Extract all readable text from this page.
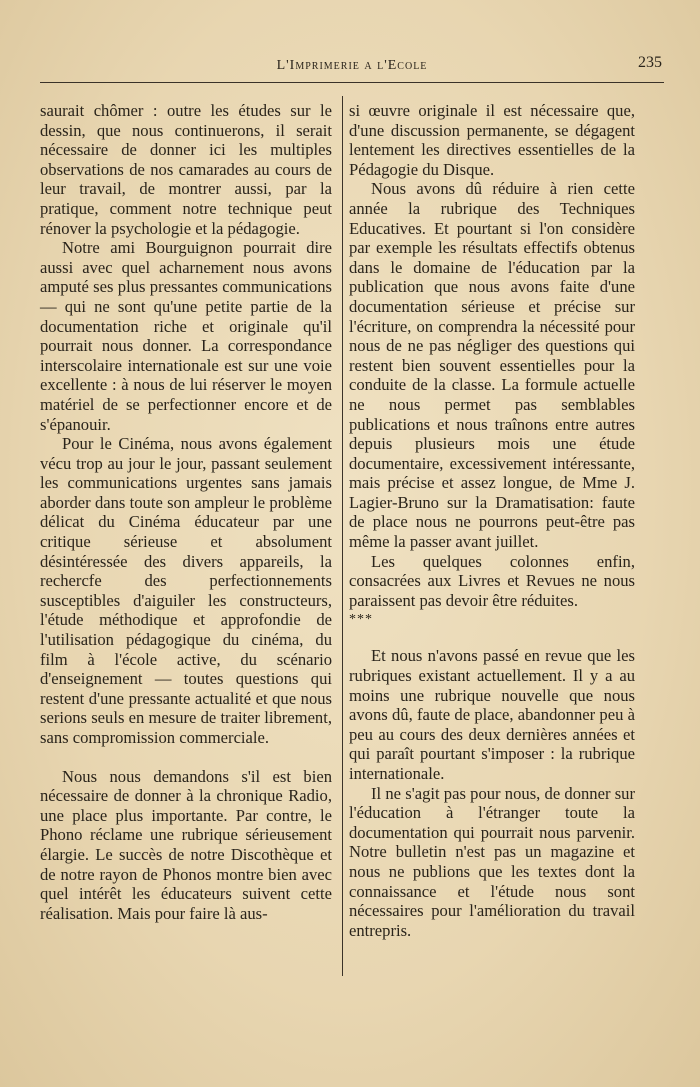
L'Imprimerie a l'Ecole	235

saurait chômer : outre les études sur le dessin, que nous continuerons, il serait nécessaire de donner ici les multiples observations de nos camarades au cours de leur travail, de montrer aussi, par la pratique, comment notre technique peut rénover la psychologie et la pédagogie.

Notre ami Bourguignon pourrait dire aussi avec quel acharnement nous avons amputé ses plus pressantes communications — qui ne sont qu'une petite partie de la documentation riche et originale qu'il pourrait nous donner. La correspondance interscolaire internationale est sur une voie excellente : à nous de lui réserver le moyen matériel de se perfectionner encore et de s'épanouir.

Pour le Cinéma, nous avons également vécu trop au jour le jour, passant seulement les communications urgentes sans jamais aborder dans toute son ampleur le problème délicat du Cinéma éducateur par une critique sérieuse et absolument désintéressée des divers appareils, la rechercfe des perfectionnements susceptibles d'aiguiler les constructeurs, l'étude méthodique et approfondie de l'utilisation pédagogique du cinéma, du film à l'école active, du scénario d'enseignement — toutes questions qui restent d'une pressante actualité et que nous serions seuls en mesure de traiter librement, sans compromission commerciale.

Nous nous demandons s'il est bien nécessaire de donner à la chronique Radio, une place plus importante. Par contre, le Phono réclame une rubrique sérieusement élargie. Le succès de notre Discothèque et de notre rayon de Phonos montre bien avec quel intérêt les éducateurs suivent cette réalisation. Mais pour faire là aus-

si œuvre originale il est nécessaire que, d'une discussion permanente, se dégagent lentement les directives essentielles de la Pédagogie du Disque.

Nous avons dû réduire à rien cette année la rubrique des Techniques Educatives. Et pourtant si l'on considère par exemple les résultats effectifs obtenus dans le domaine de l'éducation par la publication que nous avons faite d'une documentation sérieuse et précise sur l'écriture, on comprendra la nécessité pour nous de ne pas négliger des questions qui restent bien souvent essentielles pour la conduite de la classe. La formule actuelle ne nous permet pas semblables publications et nous traînons entre autres depuis plusieurs mois une étude documentaire, excessivement intéressante, mais précise et assez longue, de Mme J. Lagier-Bruno sur la Dramatisation: faute de place nous ne pourrons peut-être pas même la passer avant juillet.

Les quelques colonnes enfin, consacrées aux Livres et Revues ne nous paraissent pas devoir être réduites.

***

Et nous n'avons passé en revue que les rubriques existant actuellement. Il y a au moins une rubrique nouvelle que nous avons dû, faute de place, abandonner peu à peu au cours des deux dernières années et qui paraît pourtant s'imposer : la rubrique internationale.

Il ne s'agit pas pour nous, de donner sur l'éducation à l'étranger toute la documentation qui pourrait nous parvenir. Notre bulletin n'est pas un magazine et nous ne publions que les textes dont la connaissance et l'étude nous sont nécessaires pour l'amélioration du travail entrepris.
